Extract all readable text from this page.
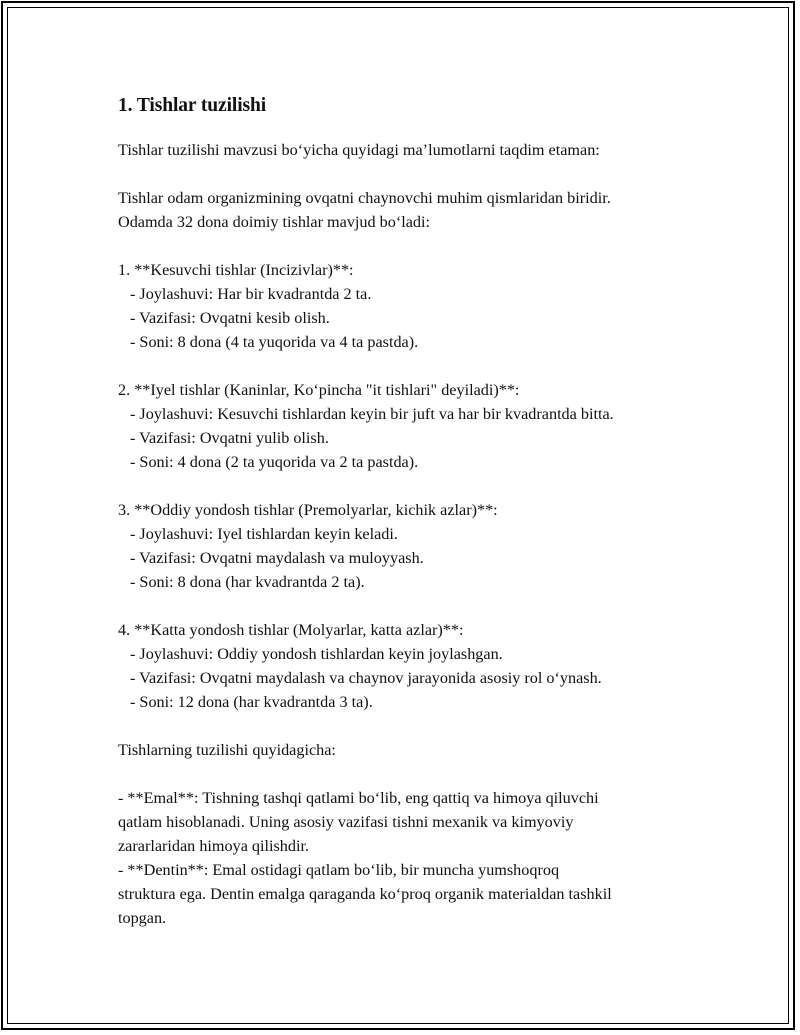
1. Tishlar tuzilishi

Tishlar tuzilishi mavzusi bo‘yicha quyidagi ma’lumotlarni taqdim etaman:

Tishlar odam organizmining ovqatni chaynovchi muhim qismlaridan biridir.

Odamda 32 dona doimiy tishlar mavjud bo‘ladi:

1. **Kesuvchi tishlar (Incizivlar)**:

- Joylashuvi: Har bir kvadrantda 2 ta.

- Vazifasi: Ovqatni kesib olish.

- Soni: 8 dona (4 ta yuqorida va 4 ta pastda).

2. **Iyel tishlar (Kaninlar, Ko‘pincha "it tishlari" deyiladi)**:

- Joylashuvi: Kesuvchi tishlardan keyin bir juft va har bir kvadrantda bitta.

- Vazifasi: Ovqatni yulib olish.

- Soni: 4 dona (2 ta yuqorida va 2 ta pastda).

3. **Oddiy yondosh tishlar (Premolyarlar, kichik azlar)**:

- Joylashuvi: Iyel tishlardan keyin keladi.

- Vazifasi: Ovqatni maydalash va muloyyash.

- Soni: 8 dona (har kvadrantda 2 ta).

4. **Katta yondosh tishlar (Molyarlar, katta azlar)**:

- Joylashuvi: Oddiy yondosh tishlardan keyin joylashgan.

- Vazifasi: Ovqatni maydalash va chaynov jarayonida asosiy rol o‘ynash.

- Soni: 12 dona (har kvadrantda 3 ta).

Tishlarning tuzilishi quyidagicha:

- **Emal**: Tishning tashqi qatlami bo‘lib, eng qattiq va himoya qiluvchi

qatlam hisoblanadi. Uning asosiy vazifasi tishni mexanik va kimyoviy

zararlaridan himoya qilishdir.

- **Dentin**: Emal ostidagi qatlam bo‘lib, bir muncha yumshoqroq

struktura ega. Dentin emalga qaraganda ko‘proq organik materialdan tashkil

topgan.
